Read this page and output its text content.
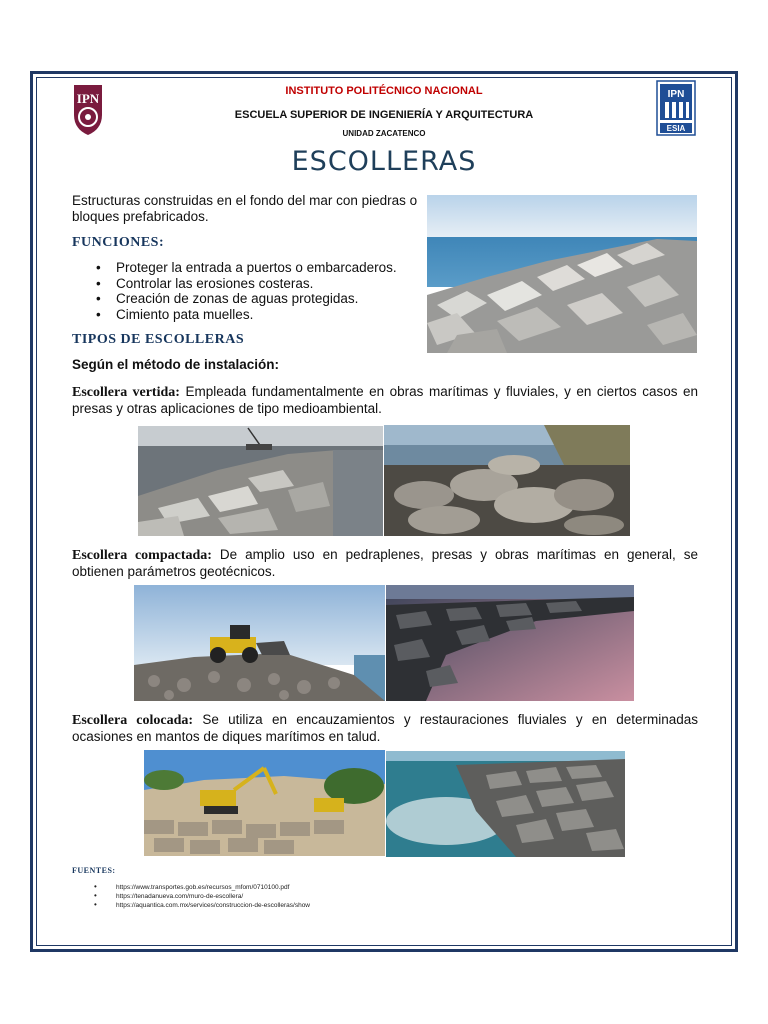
IPN	IPN
ESIA
INSTITUTO POLITÉCNICO NACIONAL
ESCUELA SUPERIOR DE INGENIERÍA Y ARQUITECTURA
UNIDAD ZACATENCO
ESCOLLERAS
Estructuras construidas en el fondo del mar con piedras o bloques prefabricados.
FUNCIONES:
• Proteger la entrada a puertos o embarcaderos.
• Controlar las erosiones costeras.
• Creación de zonas de aguas protegidas.
• Cimiento pata muelles.
TIPOS DE ESCOLLERAS
Según el método de instalación:
Escollera vertida: Empleada fundamentalmente en obras marítimas y fluviales, y en ciertos casos en presas y otras aplicaciones de tipo medioambiental.
Escollera compactada: De amplio uso en pedraplenes, presas y obras marítimas en general, se obtienen parámetros geotécnicos.
Escollera colocada: Se utiliza en encauzamientos y restauraciones fluviales y en determinadas ocasiones en mantos de diques marítimos en talud.
FUENTES:
• https://www.transportes.gob.es/recursos_mfom/0710100.pdf
• https://tenadanueva.com/muro-de-escollera/
• https://aquantica.com.mx/services/construccion-de-escolleras/show
